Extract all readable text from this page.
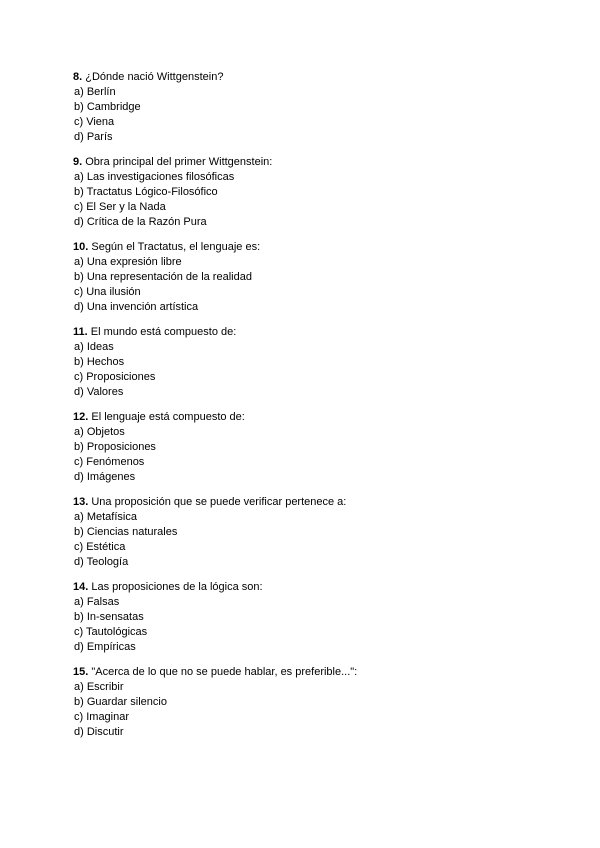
8. ¿Dónde nació Wittgenstein?
a) Berlín
b) Cambridge
c) Viena
d) París
9. Obra principal del primer Wittgenstein:
a) Las investigaciones filosóficas
b) Tractatus Lógico-Filosófico
c) El Ser y la Nada
d) Crítica de la Razón Pura
10. Según el Tractatus, el lenguaje es:
a) Una expresión libre
b) Una representación de la realidad
c) Una ilusión
d) Una invención artística
11. El mundo está compuesto de:
a) Ideas
b) Hechos
c) Proposiciones
d) Valores
12. El lenguaje está compuesto de:
a) Objetos
b) Proposiciones
c) Fenómenos
d) Imágenes
13. Una proposición que se puede verificar pertenece a:
a) Metafísica
b) Ciencias naturales
c) Estética
d) Teología
14. Las proposiciones de la lógica son:
a) Falsas
b) In-sensatas
c) Tautológicas
d) Empíricas
15. "Acerca de lo que no se puede hablar, es preferible...":
a) Escribir
b) Guardar silencio
c) Imaginar
d) Discutir
